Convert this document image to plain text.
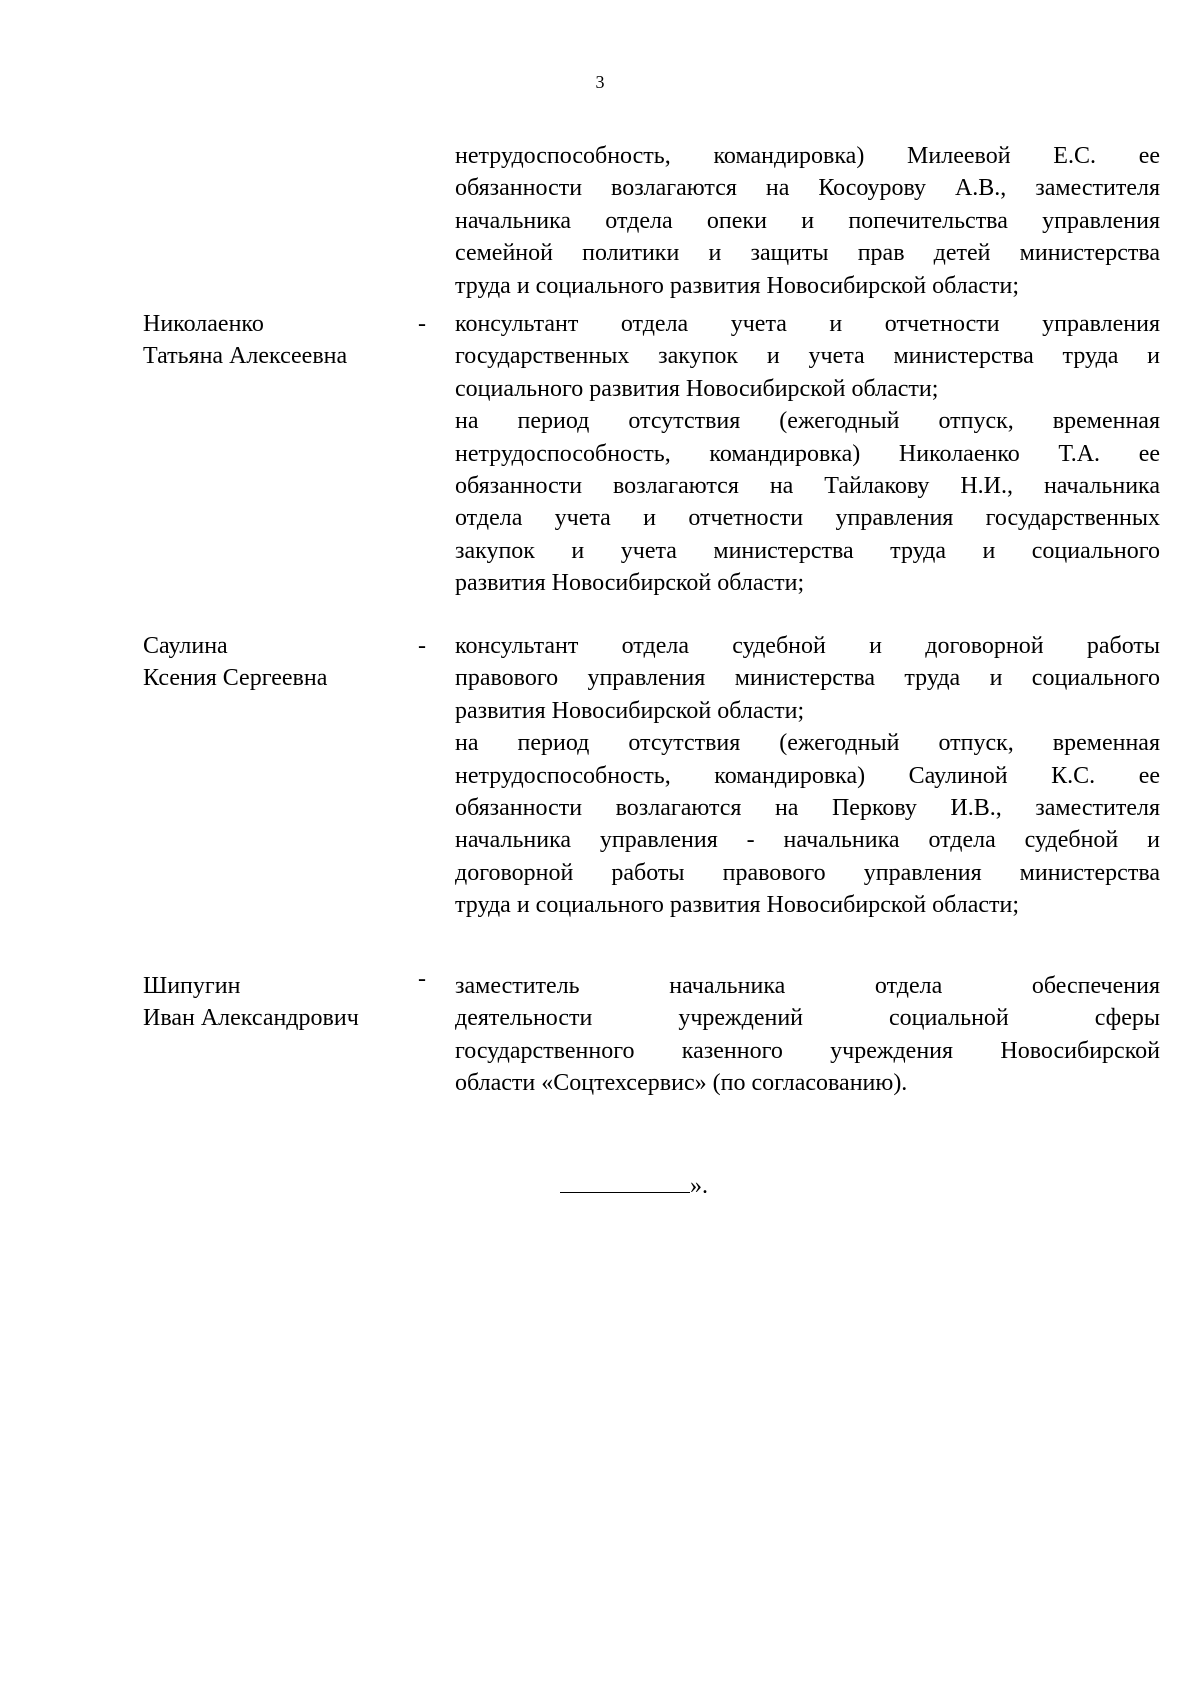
3

нетрудоспособность, командировка) Милеевой Е.С. ее
обязанности возлагаются на Косоурову А.В., заместителя
начальника отдела опеки и попечительства управления
семейной политики и защиты прав детей министерства
труда и социального развития Новосибирской области;

Николаенко
Татьяна Алексеевна
-	консультант отдела учета и отчетности управления
государственных закупок и учета министерства труда и
социального развития Новосибирской области;

на период отсутствия (ежегодный отпуск, временная
нетрудоспособность, командировка) Николаенко Т.А. ее
обязанности возлагаются на Тайлакову Н.И., начальника
отдела учета и отчетности управления государственных
закупок и учета министерства труда и социального
развития Новосибирской области;

Саулина
Ксения Сергеевна
-	консультант отдела судебной и договорной работы
правового управления министерства труда и социального
развития Новосибирской области;

на период отсутствия (ежегодный отпуск, временная
нетрудоспособность, командировка) Саулиной К.С. ее
обязанности возлагаются на Перкову И.В., заместителя
начальника управления - начальника отдела судебной и
договорной работы правового управления министерства
труда и социального развития Новосибирской области;

Шипугин
Иван Александрович
-	заместитель начальника отдела обеспечения
деятельности учреждений социальной сферы
государственного казенного учреждения Новосибирской
области «Соцтехсервис» (по согласованию).

».
